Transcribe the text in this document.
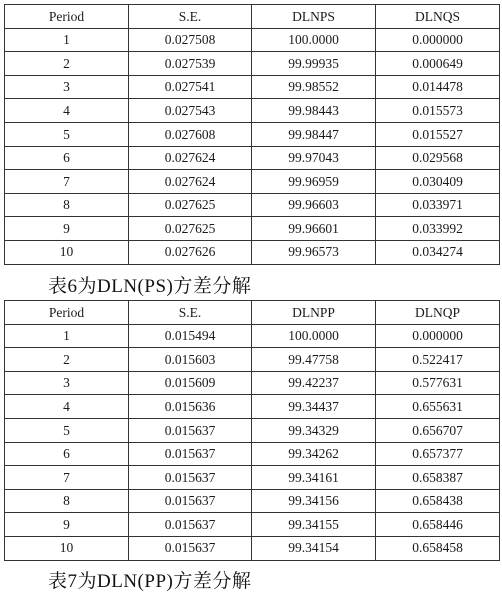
Period	S.E.	DLNPS	DLNQS
1	0.027508	100.0000	0.000000
2	0.027539	99.99935	0.000649
3	0.027541	99.98552	0.014478
4	0.027543	99.98443	0.015573
5	0.027608	99.98447	0.015527
6	0.027624	99.97043	0.029568
7	0.027624	99.96959	0.030409
8	0.027625	99.96603	0.033971
9	0.027625	99.96601	0.033992
10	0.027626	99.96573	0.034274
表6为DLN(PS)方差分解
Period	S.E.	DLNPP	DLNQP
1	0.015494	100.0000	0.000000
2	0.015603	99.47758	0.522417
3	0.015609	99.42237	0.577631
4	0.015636	99.34437	0.655631
5	0.015637	99.34329	0.656707
6	0.015637	99.34262	0.657377
7	0.015637	99.34161	0.658387
8	0.015637	99.34156	0.658438
9	0.015637	99.34155	0.658446
10	0.015637	99.34154	0.658458
表7为DLN(PP)方差分解
